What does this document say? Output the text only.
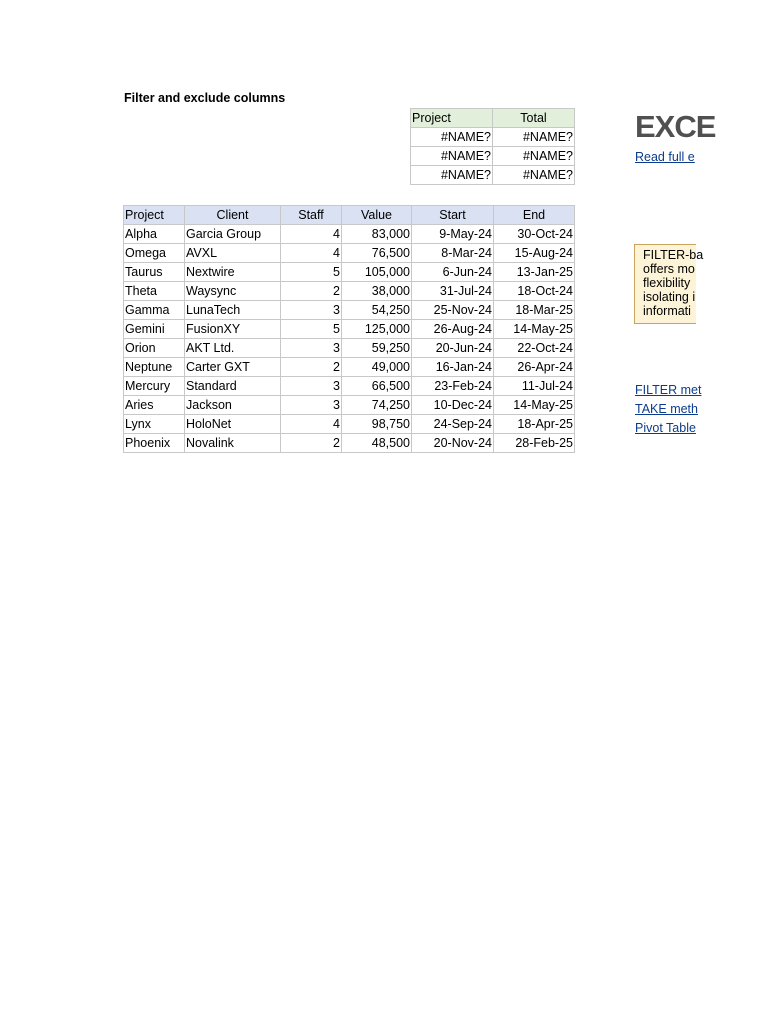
Filter and exclude columns
Project	Total
#NAME?	#NAME?
#NAME?	#NAME?
#NAME?	#NAME?
Project	Client	Staff	Value	Start	End
Alpha	Garcia Group	4	83,000	9-May-24	30-Oct-24
Omega	AVXL	4	76,500	8-Mar-24	15-Aug-24
Taurus	Nextwire	5	105,000	6-Jun-24	13-Jan-25
Theta	Waysync	2	38,000	31-Jul-24	18-Oct-24
Gamma	LunaTech	3	54,250	25-Nov-24	18-Mar-25
Gemini	FusionXY	5	125,000	26-Aug-24	14-May-25
Orion	AKT Ltd.	3	59,250	20-Jun-24	22-Oct-24
Neptune	Carter GXT	2	49,000	16-Jan-24	26-Apr-24
Mercury	Standard	3	66,500	23-Feb-24	11-Jul-24
Aries	Jackson	3	74,250	10-Dec-24	14-May-25
Lynx	HoloNet	4	98,750	24-Sep-24	18-Apr-25
Phoenix	Novalink	2	48,500	20-Nov-24	28-Feb-25
EXCE
Read full e
FILTER-ba
offers mo
flexibility
isolating i
informati
FILTER met
TAKE meth
Pivot Table
